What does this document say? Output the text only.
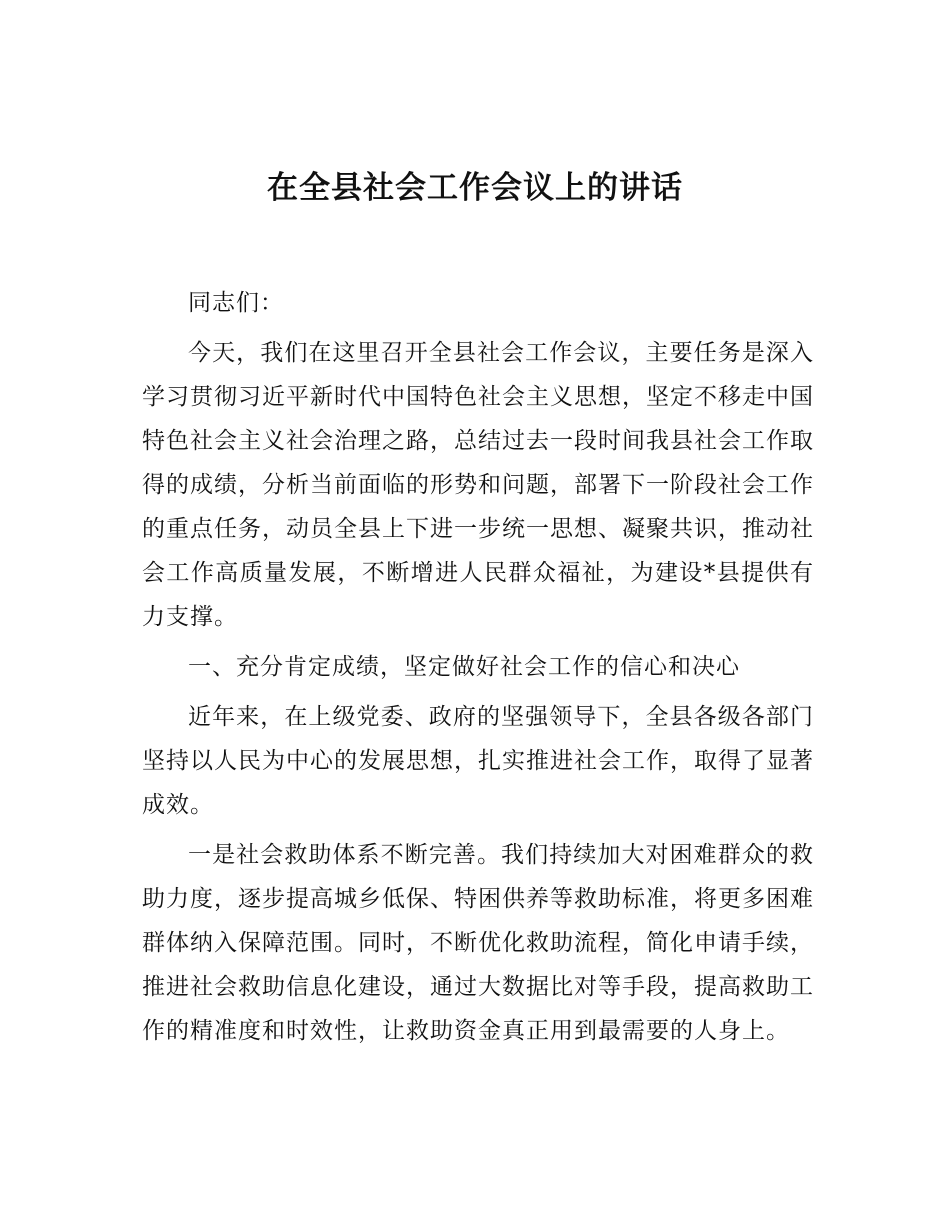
在全县社会工作会议上的讲话

同志们：

今天，我们在这里召开全县社会工作会议，主要任务是深入学习贯彻习近平新时代中国特色社会主义思想，坚定不移走中国特色社会主义社会治理之路，总结过去一段时间我县社会工作取得的成绩，分析当前面临的形势和问题，部署下一阶段社会工作的重点任务，动员全县上下进一步统一思想、凝聚共识，推动社会工作高质量发展，不断增进人民群众福祉，为建设*县提供有力支撑。

一、充分肯定成绩，坚定做好社会工作的信心和决心

近年来，在上级党委、政府的坚强领导下，全县各级各部门坚持以人民为中心的发展思想，扎实推进社会工作，取得了显著成效。

一是社会救助体系不断完善。我们持续加大对困难群众的救助力度，逐步提高城乡低保、特困供养等救助标准，将更多困难群体纳入保障范围。同时，不断优化救助流程，简化申请手续，推进社会救助信息化建设，通过大数据比对等手段，提高救助工作的精准度和时效性，让救助资金真正用到最需要的人身上。
